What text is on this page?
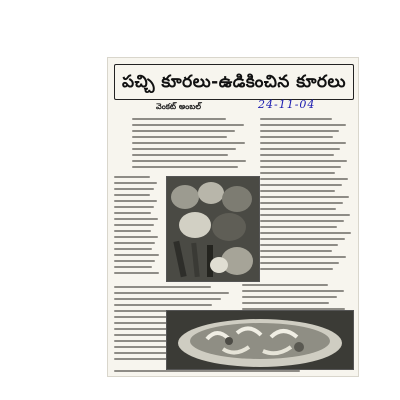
పచ్చి కూరలు-ఉడికించిన కూరలు
వెంకట్ అంబల్	24-11-04
